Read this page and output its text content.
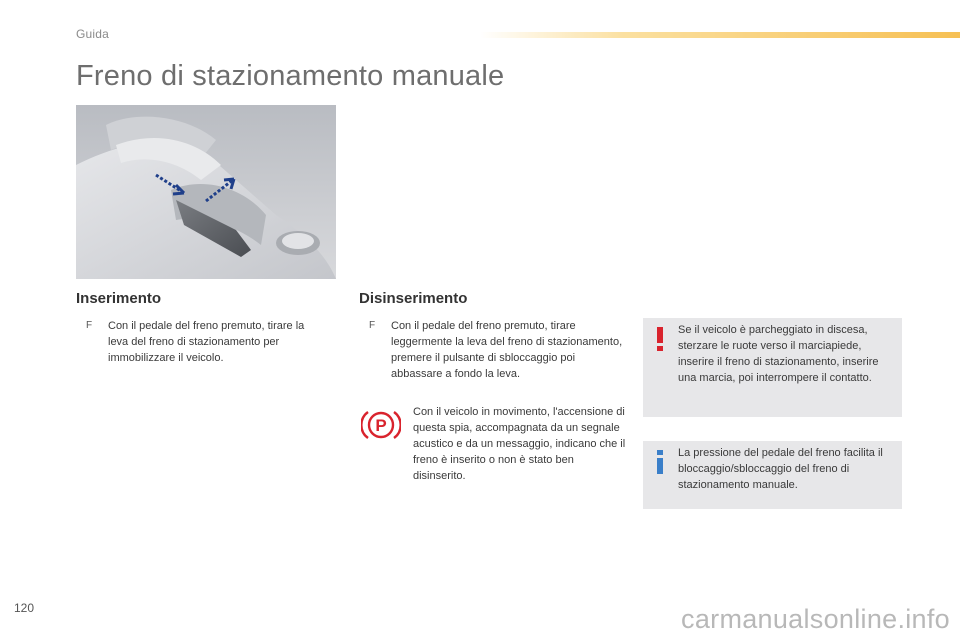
Guida
Freno di stazionamento manuale
Inserimento
F	Con il pedale del freno premuto, tirare la leva del freno di stazionamento per immobilizzare il veicolo.
Disinserimento
F	Con il pedale del freno premuto, tirare leggermente la leva del freno di stazionamento, premere il pulsante di sbloccaggio poi abbassare a fondo la leva.
P
Con il veicolo in movimento, l'accensione di questa spia, accompagnata da un segnale acustico e da un messaggio, indicano che il freno è inserito o non è stato ben disinserito.
Se il veicolo è parcheggiato in discesa, sterzare le ruote verso il marciapiede, inserire il freno di stazionamento, inserire una marcia, poi interrompere il contatto.
La pressione del pedale del freno facilita il bloccaggio/sbloccaggio del freno di stazionamento manuale.
120	carmanualsonline.info
